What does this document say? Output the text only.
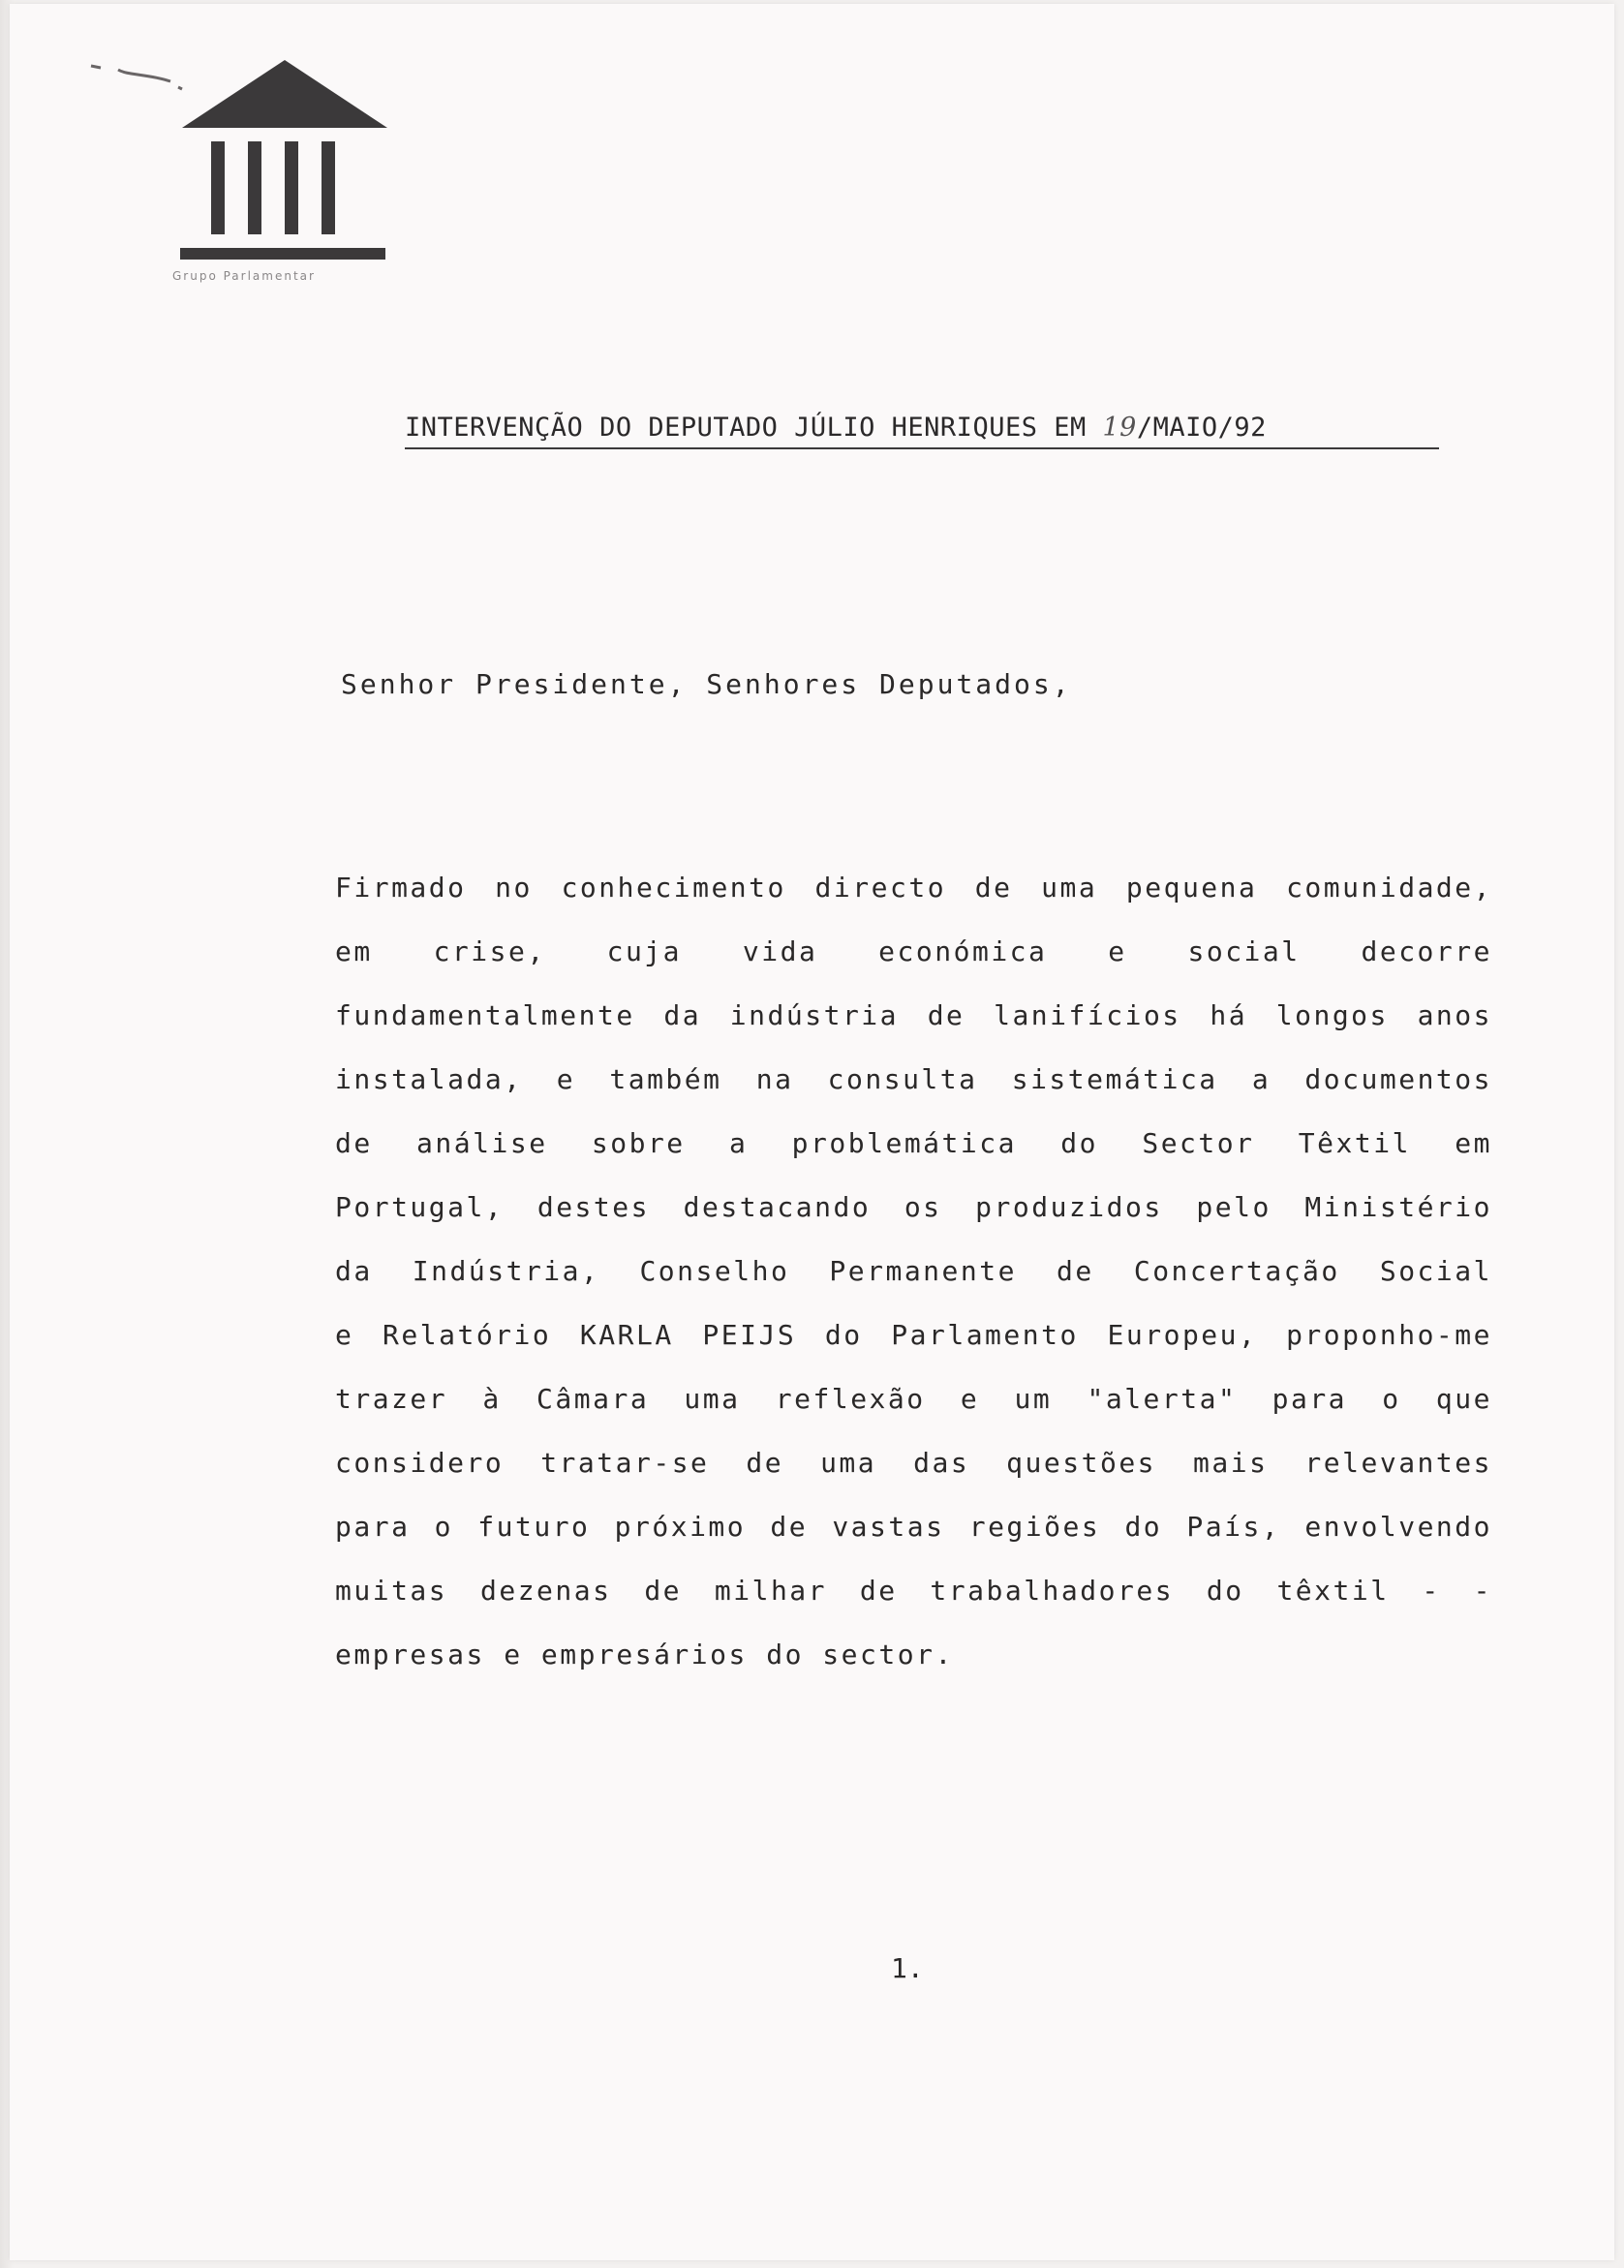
Grupo Parlamentar
INTERVENÇÃO DO DEPUTADO JÚLIO HENRIQUES EM 19/MAIO/92
Senhor Presidente, Senhores Deputados,
Firmado no conhecimento directo de uma pequena comunidade,
em crise, cuja vida económica e social decorre
fundamentalmente da indústria de lanifícios há longos anos
instalada, e também na consulta sistemática a documentos
de análise sobre a problemática do Sector Têxtil em
Portugal, destes destacando os produzidos pelo Ministério
da Indústria, Conselho Permanente de Concertação Social
e Relatório KARLA PEIJS do Parlamento Europeu, proponho-me
trazer à Câmara uma reflexão e um "alerta" para o que
considero tratar-se de uma das questões mais relevantes
para o futuro próximo de vastas regiões do País, envolvendo
muitas dezenas de milhar de trabalhadores do têxtil - -
empresas e empresários do sector.
1.
